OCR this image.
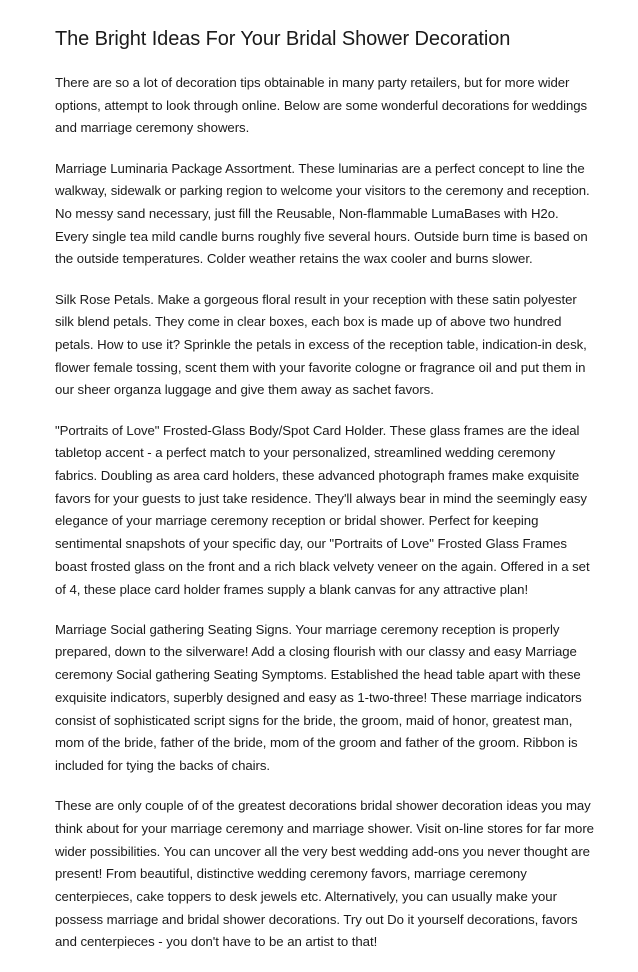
The Bright Ideas For Your Bridal Shower Decoration

There are so a lot of decoration tips obtainable in many party retailers, but for more wider options, attempt to look through online. Below are some wonderful decorations for weddings and marriage ceremony showers.

Marriage Luminaria Package Assortment. These luminarias are a perfect concept to line the walkway, sidewalk or parking region to welcome your visitors to the ceremony and reception. No messy sand necessary, just fill the Reusable, Non-flammable LumaBases with H2o. Every single tea mild candle burns roughly five several hours. Outside burn time is based on the outside temperatures. Colder weather retains the wax cooler and burns slower.

Silk Rose Petals. Make a gorgeous floral result in your reception with these satin polyester silk blend petals. They come in clear boxes, each box is made up of above two hundred petals. How to use it? Sprinkle the petals in excess of the reception table, indication-in desk, flower female tossing, scent them with your favorite cologne or fragrance oil and put them in our sheer organza luggage and give them away as sachet favors.

"Portraits of Love" Frosted-Glass Body/Spot Card Holder. These glass frames are the ideal tabletop accent - a perfect match to your personalized, streamlined wedding ceremony fabrics. Doubling as area card holders, these advanced photograph frames make exquisite favors for your guests to just take residence. They'll always bear in mind the seemingly easy elegance of your marriage ceremony reception or bridal shower. Perfect for keeping sentimental snapshots of your specific day, our "Portraits of Love" Frosted Glass Frames boast frosted glass on the front and a rich black velvety veneer on the again. Offered in a set of 4, these place card holder frames supply a blank canvas for any attractive plan!

Marriage Social gathering Seating Signs. Your marriage ceremony reception is properly prepared, down to the silverware! Add a closing flourish with our classy and easy Marriage ceremony Social gathering Seating Symptoms. Established the head table apart with these exquisite indicators, superbly designed and easy as 1-two-three! These marriage indicators consist of sophisticated script signs for the bride, the groom, maid of honor, greatest man, mom of the bride, father of the bride, mom of the groom and father of the groom. Ribbon is included for tying the backs of chairs.

These are only couple of of the greatest decorations bridal shower decoration ideas you may think about for your marriage ceremony and marriage shower. Visit on-line stores for far more wider possibilities. You can uncover all the very best wedding add-ons you never thought are present! From beautiful, distinctive wedding ceremony favors, marriage ceremony centerpieces, cake toppers to desk jewels etc. Alternatively, you can usually make your possess marriage and bridal shower decorations. Try out Do it yourself decorations, favors and centerpieces - you don't have to be an artist to that!
